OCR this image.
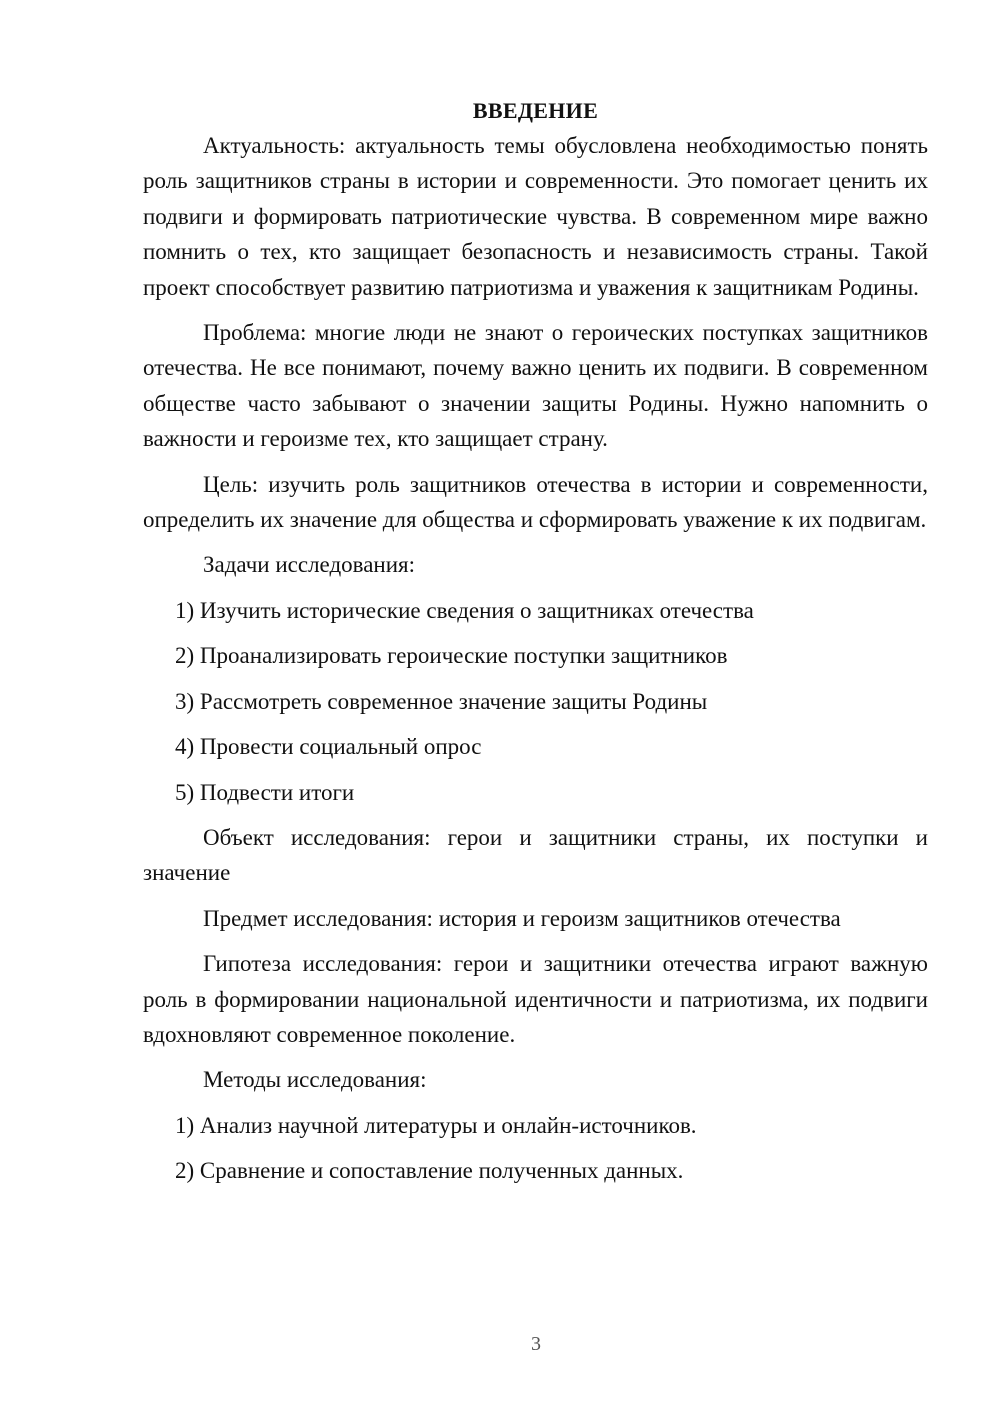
ВВЕДЕНИЕ

Актуальность: актуальность темы обусловлена необходимостью понять роль защитников страны в истории и современности. Это помогает ценить их подвиги и формировать патриотические чувства. В современном мире важно помнить о тех, кто защищает безопасность и независимость страны. Такой проект способствует развитию патриотизма и уважения к защитникам Родины.

Проблема: многие люди не знают о героических поступках защитников отечества. Не все понимают, почему важно ценить их подвиги. В современном обществе часто забывают о значении защиты Родины. Нужно напомнить о важности и героизме тех, кто защищает страну.

Цель: изучить роль защитников отечества в истории и современности, определить их значение для общества и сформировать уважение к их подвигам.

Задачи исследования:

1) Изучить исторические сведения о защитниках отечества

2) Проанализировать героические поступки защитников

3) Рассмотреть современное значение защиты Родины

4) Провести социальный опрос

5) Подвести итоги

Объект исследования: герои и защитники страны, их поступки и значение

Предмет исследования: история и героизм защитников отечества

Гипотеза исследования: герои и защитники отечества играют важную роль в формировании национальной идентичности и патриотизма, их подвиги вдохновляют современное поколение.

Методы исследования:

1) Анализ научной литературы и онлайн-источников.

2) Сравнение и сопоставление полученных данных.

3
